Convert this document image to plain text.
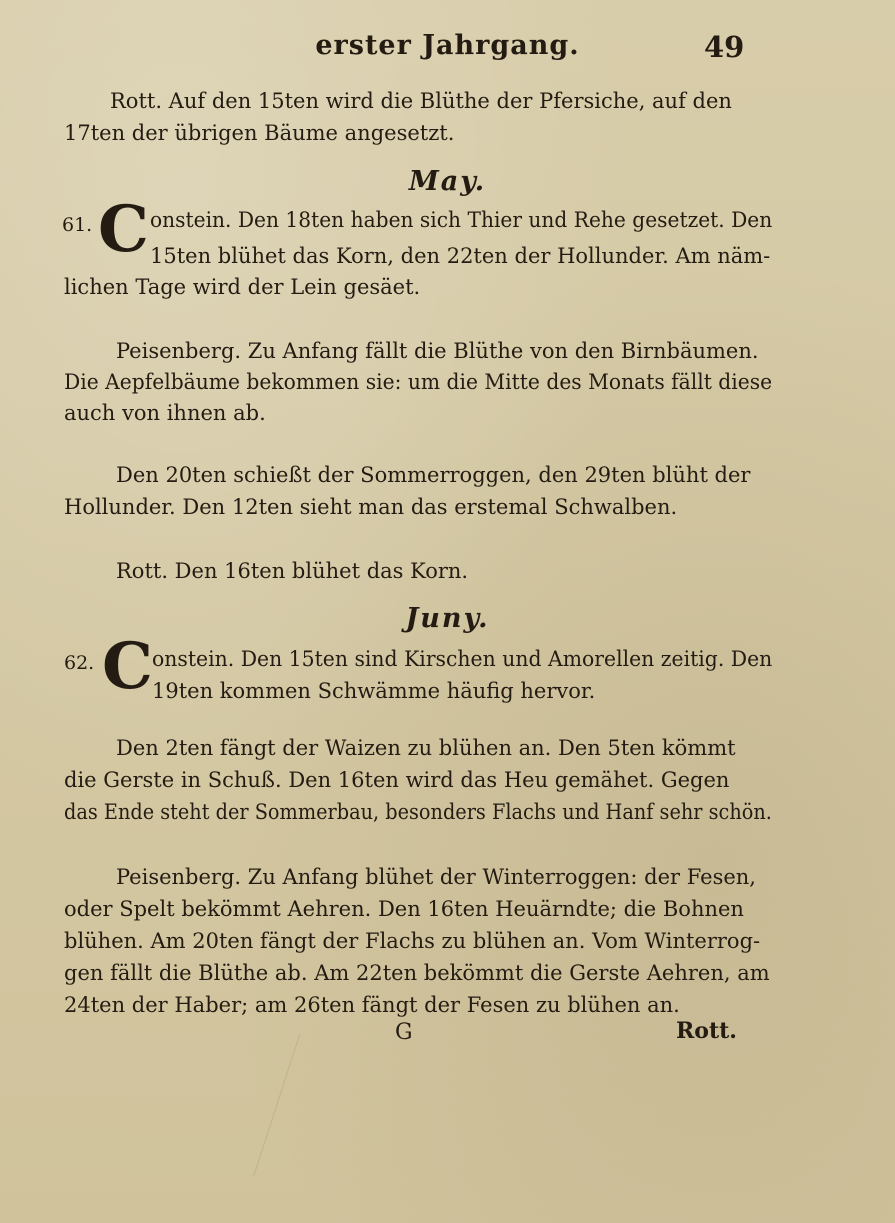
erster Jahrgang.	49
Rott. Auf den 15ten wird die Blüthe der Pfersiche, auf den
17ten der übrigen Bäume angesetzt.
May.
61. C onstein. Den 18ten haben sich Thier und Rehe gesetzet. Den
15ten blühet das Korn, den 22ten der Hollunder. Am näm-
lichen Tage wird der Lein gesäet.
Peisenberg. Zu Anfang fällt die Blüthe von den Birnbäumen.
Die Aepfelbäume bekommen sie: um die Mitte des Monats fällt diese
auch von ihnen ab.
Den 20ten schießt der Sommerroggen, den 29ten blüht der
Hollunder. Den 12ten sieht man das erstemal Schwalben.
Rott. Den 16ten blühet das Korn.
Juny.
62. C onstein. Den 15ten sind Kirschen und Amorellen zeitig. Den
19ten kommen Schwämme häufig hervor.
Den 2ten fängt der Waizen zu blühen an. Den 5ten kömmt
die Gerste in Schuß. Den 16ten wird das Heu gemähet. Gegen
das Ende steht der Sommerbau, besonders Flachs und Hanf sehr schön.
Peisenberg. Zu Anfang blühet der Winterroggen: der Fesen,
oder Spelt bekömmt Aehren. Den 16ten Heuärndte; die Bohnen
blühen. Am 20ten fängt der Flachs zu blühen an. Vom Winterrog-
gen fällt die Blüthe ab. Am 22ten bekömmt die Gerste Aehren, am
24ten der Haber; am 26ten fängt der Fesen zu blühen an.
G	Rott.
